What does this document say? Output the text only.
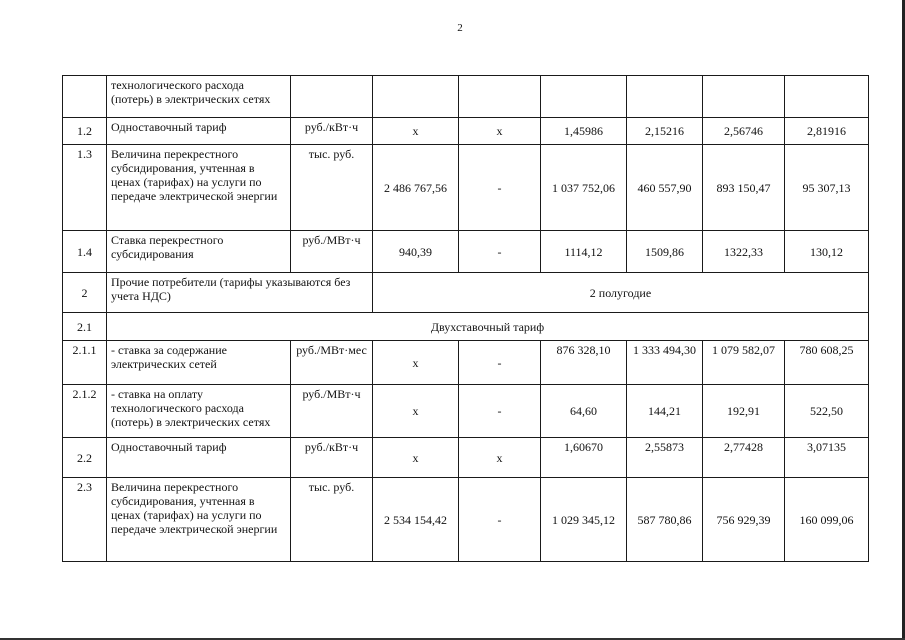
2
	технологического расхода (потерь) в электрических сетях							
1.2	Одноставочный тариф	руб./кВт·ч	х	х	1,45986	2,15216	2,56746	2,81916
1.3	Величина перекрестного субсидирования, учтенная в ценах (тарифах) на услуги по передаче электрической энергии	тыс. руб.	2 486 767,56	-	1 037 752,06	460 557,90	893 150,47	95 307,13
1.4	Ставка перекрестного субсидирования	руб./МВт·ч	940,39	-	1114,12	1509,86	1322,33	130,12
2	Прочие потребители (тарифы указываются без учета НДС)		2 полугодие					
2.1	Двухставочный тариф							
2.1.1	- ставка за содержание электрических сетей	руб./МВт·мес	х	-	876 328,10	1 333 494,30	1 079 582,07	780 608,25
2.1.2	- ставка на оплату технологического расхода (потерь) в электрических сетях	руб./МВт·ч	х	-	64,60	144,21	192,91	522,50
2.2	Одноставочный тариф	руб./кВт·ч	х	х	1,60670	2,55873	2,77428	3,07135
2.3	Величина перекрестного субсидирования, учтенная в ценах (тарифах) на услуги по передаче электрической энергии	тыс. руб.	2 534 154,42	-	1 029 345,12	587 780,86	756 929,39	160 099,06
